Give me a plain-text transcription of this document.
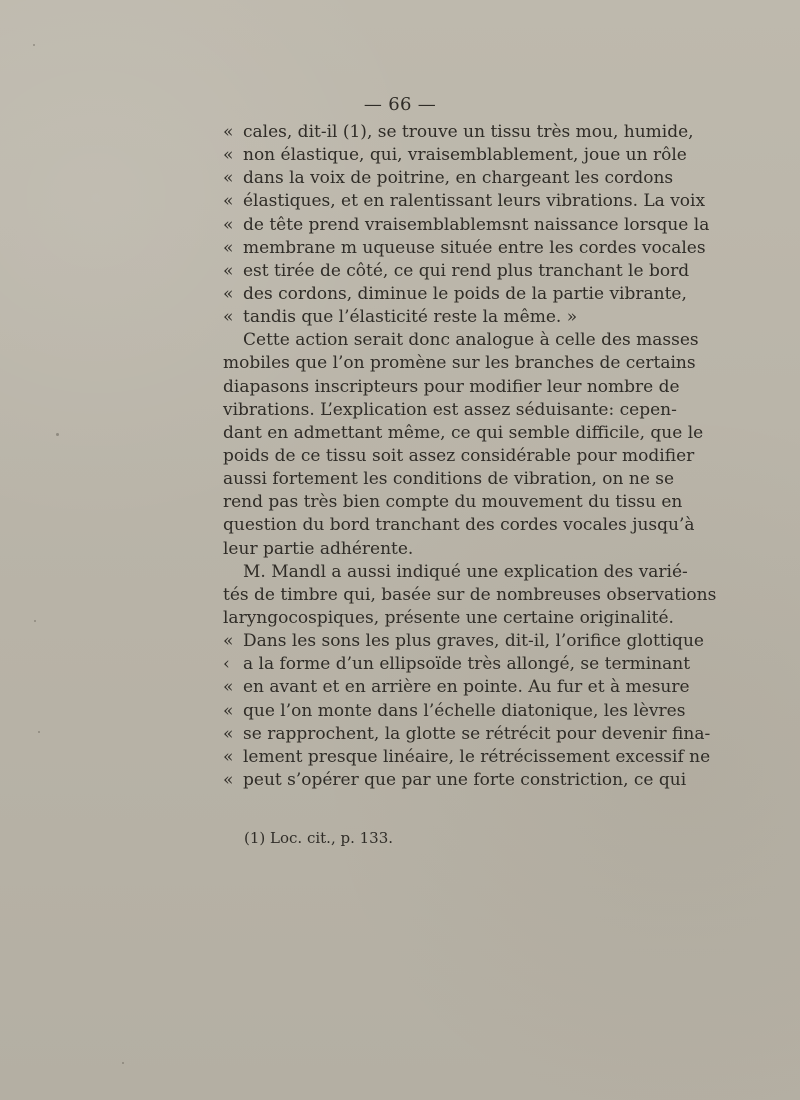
— 66 —
« cales, dit-il (1), se trouve un tissu très mou, humide,
« non élastique, qui, vraisemblablement, joue un rôle
« dans la voix de poitrine, en chargeant les cordons
« élastiques, et en ralentissant leurs vibrations. La voix
« de tête prend vraisemblablemsnt naissance lorsque la
« membrane m uqueuse située entre les cordes vocales
« est tirée de côté, ce qui rend plus tranchant le bord
« des cordons, diminue le poids de la partie vibrante,
« tandis que l’élasticité reste la même. »
Cette action serait donc analogue à celle des masses
mobiles que l’on promène sur les branches de certains
diapasons inscripteurs pour modifier leur nombre de
vibrations. L’explication est assez séduisante: cepen-
dant en admettant même, ce qui semble difficile, que le
poids de ce tissu soit assez considérable pour modifier
aussi fortement les conditions de vibration, on ne se
rend pas très bien compte du mouvement du tissu en
question du bord tranchant des cordes vocales jusqu’à
leur partie adhérente.
M. Mandl a aussi indiqué une explication des varié-
tés de timbre qui, basée sur de nombreuses observations
laryngocospiques, présente une certaine originalité.
« Dans les sons les plus graves, dit-il, l’orifice glottique
‹ a la forme d’un ellipsoïde très allongé, se terminant
« en avant et en arrière en pointe. Au fur et à mesure
« que l’on monte dans l’échelle diatonique, les lèvres
« se rapprochent, la glotte se rétrécit pour devenir fina-
« lement presque linéaire, le rétrécissement excessif ne
« peut s’opérer que par une forte constriction, ce qui
(1) Loc. cit., p. 133.
